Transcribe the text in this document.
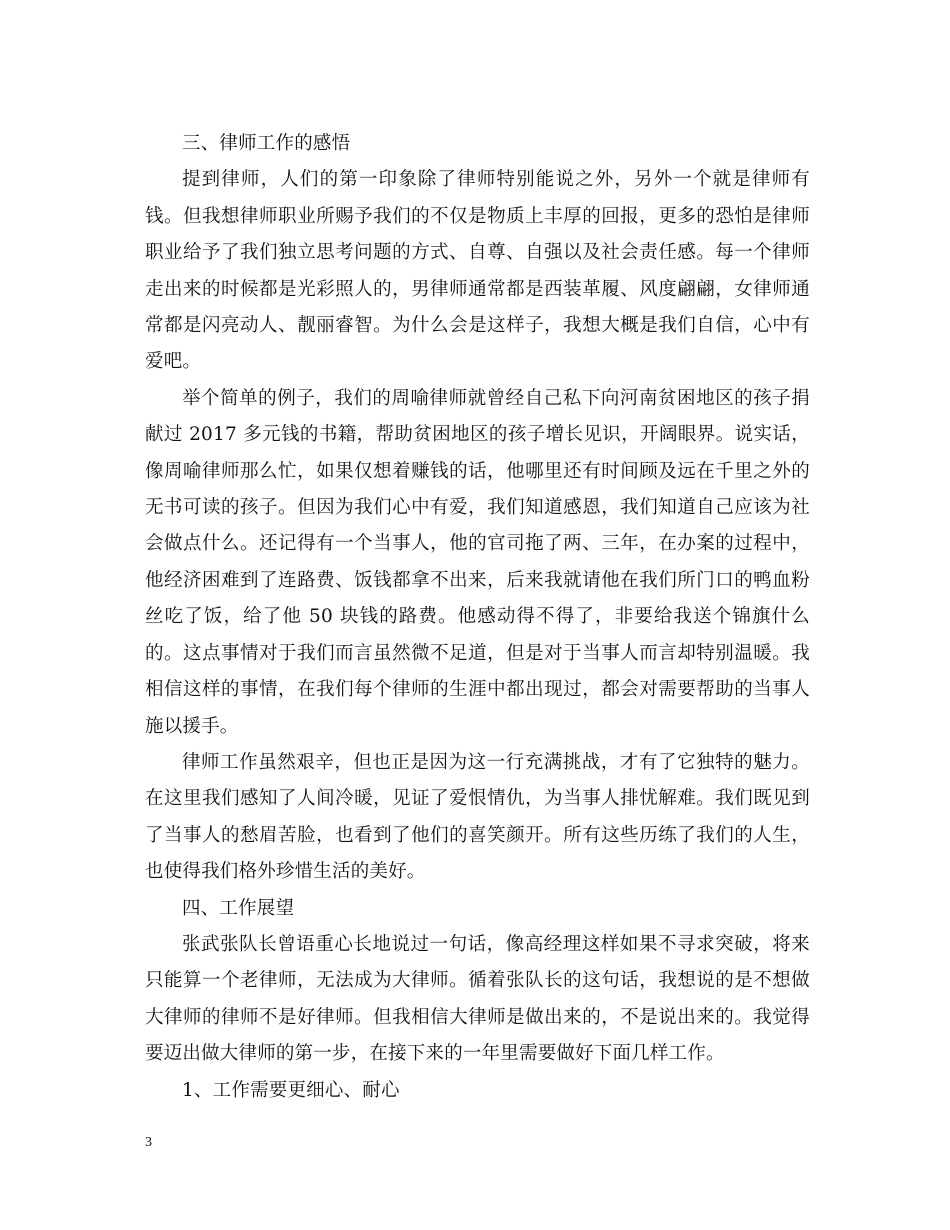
三、律师工作的感悟

提到律师，人们的第一印象除了律师特别能说之外，另外一个就是律师有钱。但我想律师职业所赐予我们的不仅是物质上丰厚的回报，更多的恐怕是律师职业给予了我们独立思考问题的方式、自尊、自强以及社会责任感。每一个律师走出来的时候都是光彩照人的，男律师通常都是西装革履、风度翩翩，女律师通常都是闪亮动人、靓丽睿智。为什么会是这样子，我想大概是我们自信，心中有爱吧。

举个简单的例子，我们的周喻律师就曾经自己私下向河南贫困地区的孩子捐献过 2017 多元钱的书籍，帮助贫困地区的孩子增长见识，开阔眼界。说实话，像周喻律师那么忙，如果仅想着赚钱的话，他哪里还有时间顾及远在千里之外的无书可读的孩子。但因为我们心中有爱，我们知道感恩，我们知道自己应该为社会做点什么。还记得有一个当事人，他的官司拖了两、三年，在办案的过程中，他经济困难到了连路费、饭钱都拿不出来，后来我就请他在我们所门口的鸭血粉丝吃了饭，给了他 50 块钱的路费。他感动得不得了，非要给我送个锦旗什么的。这点事情对于我们而言虽然微不足道，但是对于当事人而言却特别温暖。我相信这样的事情，在我们每个律师的生涯中都出现过，都会对需要帮助的当事人施以援手。

律师工作虽然艰辛，但也正是因为这一行充满挑战，才有了它独特的魅力。在这里我们感知了人间冷暖，见证了爱恨情仇，为当事人排忧解难。我们既见到了当事人的愁眉苦脸，也看到了他们的喜笑颜开。所有这些历练了我们的人生，也使得我们格外珍惜生活的美好。

四、工作展望

张武张队长曾语重心长地说过一句话，像高经理这样如果不寻求突破，将来只能算一个老律师，无法成为大律师。循着张队长的这句话，我想说的是不想做大律师的律师不是好律师。但我相信大律师是做出来的，不是说出来的。我觉得要迈出做大律师的第一步，在接下来的一年里需要做好下面几样工作。

1、工作需要更细心、耐心

3
